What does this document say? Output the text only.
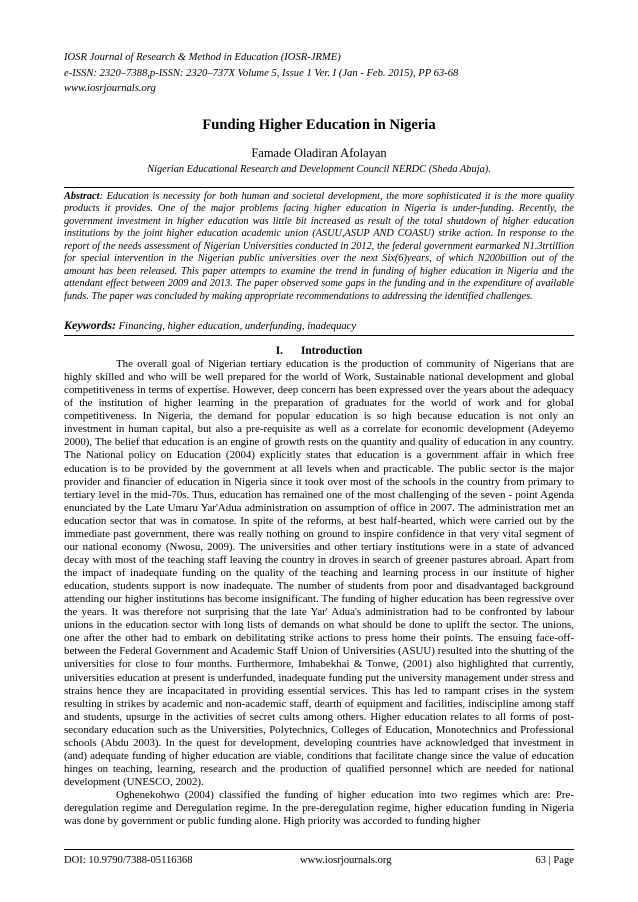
IOSR Journal of Research & Method in Education (IOSR-JRME)
e-ISSN: 2320–7388,p-ISSN: 2320–737X Volume 5, Issue 1 Ver. I (Jan - Feb. 2015), PP 63-68
www.iosrjournals.org
Funding Higher Education in Nigeria
Famade Oladiran Afolayan
Nigerian Educational Research and Development Council NERDC (Sheda Abuja).
Abstract: Education is necessity for both human and societal development, the more sophisticated it is the more quality products it provides. One of the major problems facing higher education in Nigeria is under-funding. Recently, the government investment in higher education was little bit increased as result of the total shutdown of higher education institutions by the joint higher education academic union (ASUU,ASUP AND COASU) strike action. In response to the report of the needs assessment of Nigerian Universities conducted in 2012, the federal government earmarked N1.3trtillion for special intervention in the Nigerian public universities over the next Six(6)years, of which N200billion out of the amount has been released. This paper attempts to examine the trend in funding of higher education in Nigeria and the attendant effect between 2009 and 2013. The paper observed some gaps in the funding and in the expenditure of available funds. The paper was concluded by making appropriate recommendations to addressing the identified challenges.
Keywords: Financing, higher education, underfunding, inadequacy
I. Introduction

The overall goal of Nigerian tertiary education is the production of community of Nigerians that are highly skilled and who will be well prepared for the world of Work, Sustainable national development and global competitiveness in terms of expertise. However, deep concern has been expressed over the years about the adequacy of the institution of higher learning in the preparation of graduates for the world of work and for global competitiveness. In Nigeria, the demand for popular education is so high because education is not only an investment in human capital, but also a pre-requisite as well as a correlate for economic development (Adeyemo 2000), The belief that education is an engine of growth rests on the quantity and quality of education in any country. The National policy on Education (2004) explicitly states that education is a government affair in which free education is to be provided by the government at all levels when and practicable. The public sector is the major provider and financier of education in Nigeria since it took over most of the schools in the country from primary to tertiary level in the mid-70s. Thus, education has remained one of the most challenging of the seven - point Agenda enunciated by the Late Umaru Yar'Adua administration on assumption of office in 2007. The administration met an education sector that was in comatose. In spite of the reforms, at best half-hearted, which were carried out by the immediate past government, there was really nothing on ground to inspire confidence in that very vital segment of our national economy (Nwosu, 2009). The universities and other tertiary institutions were in a state of advanced decay with most of the teaching staff leaving the country in droves in search of greener pastures abroad. Apart from the impact of inadequate funding on the quality of the teaching and learning process in our institute of higher education, students support is now inadequate. The number of students from poor and disadvantaged background attending our higher institutions has become insignificant. The funding of higher education has been regressive over the years. It was therefore not surprising that the late Yar' Adua's administration had to be confronted by labour unions in the education sector with long lists of demands on what should be done to uplift the sector. The unions, one after the other had to embark on debilitating strike actions to press home their points. The ensuing face-off-between the Federal Government and Academic Staff Union of Universities (ASUU) resulted into the shutting of the universities for close to four months. Furthermore, Imhabekhai & Tonwe, (2001) also highlighted that currently, universities education at present is underfunded, inadequate funding put the university management under stress and strains hence they are incapacitated in providing essential services. This has led to rampant crises in the system resulting in strikes by academic and non-academic staff, dearth of equipment and facilities, indiscipline among staff and students, upsurge in the activities of secret cults among others. Higher education relates to all forms of post-secondary education such as the Universities, Polytechnics, Colleges of Education, Monotechnics and Professional schools (Abdu 2003). In the quest for development, developing countries have acknowledged that investment in (and) adequate funding of higher education are viable, conditions that facilitate change since the value of education hinges on teaching, learning, research and the production of qualified personnel which are needed for national development (UNESCO, 2002).

Oghenekohwo (2004) classified the funding of higher education into two regimes which are: Pre-deregulation regime and Deregulation regime. In the pre-deregulation regime, higher education funding in Nigeria was done by government or public funding alone. High priority was accorded to funding higher

DOI: 10.9790/7388-05116368	www.iosrjournals.org	63 | Page
